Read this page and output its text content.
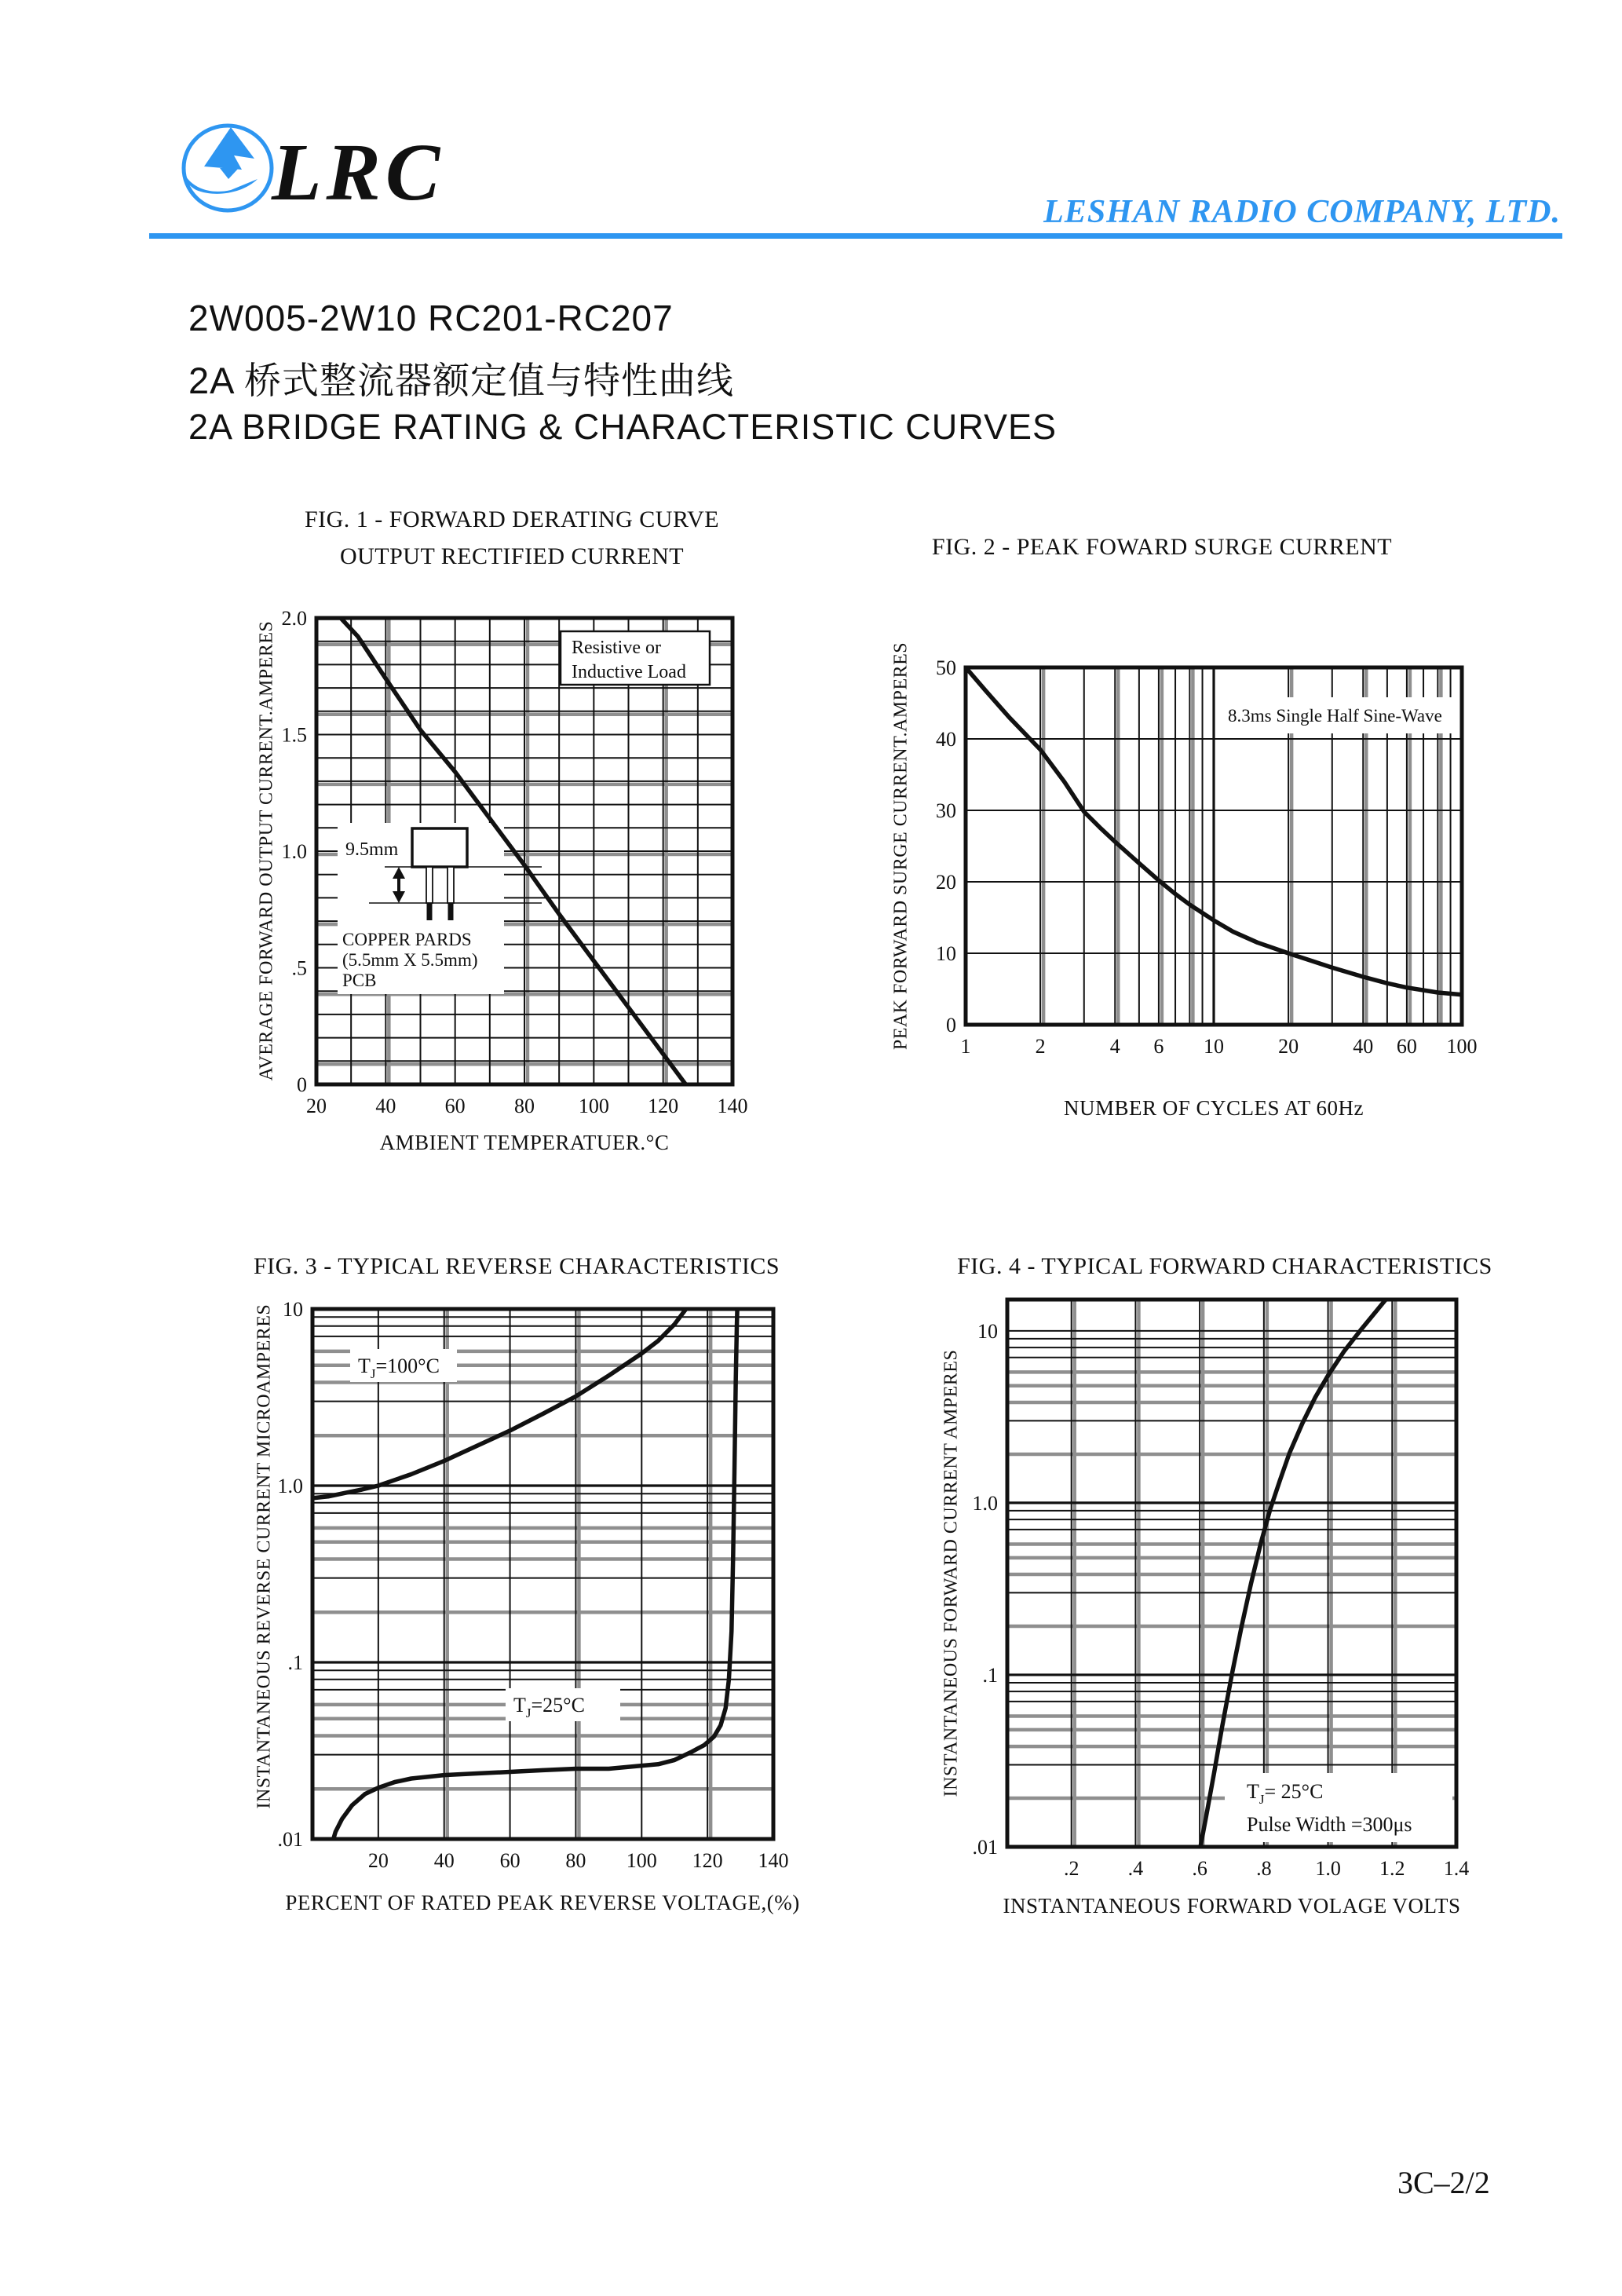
LRC	LESHAN RADIO COMPANY, LTD.
2W005-2W10 RC201-RC207
2A 桥式整流器额定值与特性曲线
2A BRIDGE RATING & CHARACTERISTIC CURVES
FIG. 1 - FORWARD DERATING CURVE
OUTPUT RECTIFIED CURRENT	FIG. 2 - PEAK FOWARD SURGE CURRENT
FIG. 3 - TYPICAL REVERSE CHARACTERISTICS	FIG. 4 - TYPICAL FORWARD CHARACTERISTICS
AMBIENT TEMPERATUER.°C
NUMBER OF CYCLES AT 60Hz
PERCENT OF RATED PEAK REVERSE VOLTAGE,(%)	INSTANTANEOUS FORWARD VOLAGE VOLTS
AVERAGE FORWARD OUTPUT CURRENT.AMPERES	PEAK FORWARD SURGE CURRENT.AMPERES
INSTANTANEOUS REVERSE CURRENT MICROAMPERES	INSTANTANEOUS FORWARD CURRENT AMPERES
Resistive or
Inductive Load
9.5mm
COPPER PARDS
(5.5mm X 5.5mm)
PCB
20 40 60 80 100 120 140
2.0
1.5
1.0
.5
0
8.3ms Single Half Sine-Wave
1	2	4 6 10	20	40 60 100
50
40
30
20
10
0
$T_J=100^\circ C$
$T_J=25^\circ C$
20 40 60 80 100 120 140
10
1.0
.1
.01
$T_J= 25^\circ C$
Pulse Width =300μs
.2 .4 .6 .8 1.0 1.2 1.4
10
1.0
.1
.01
3C–2/2
